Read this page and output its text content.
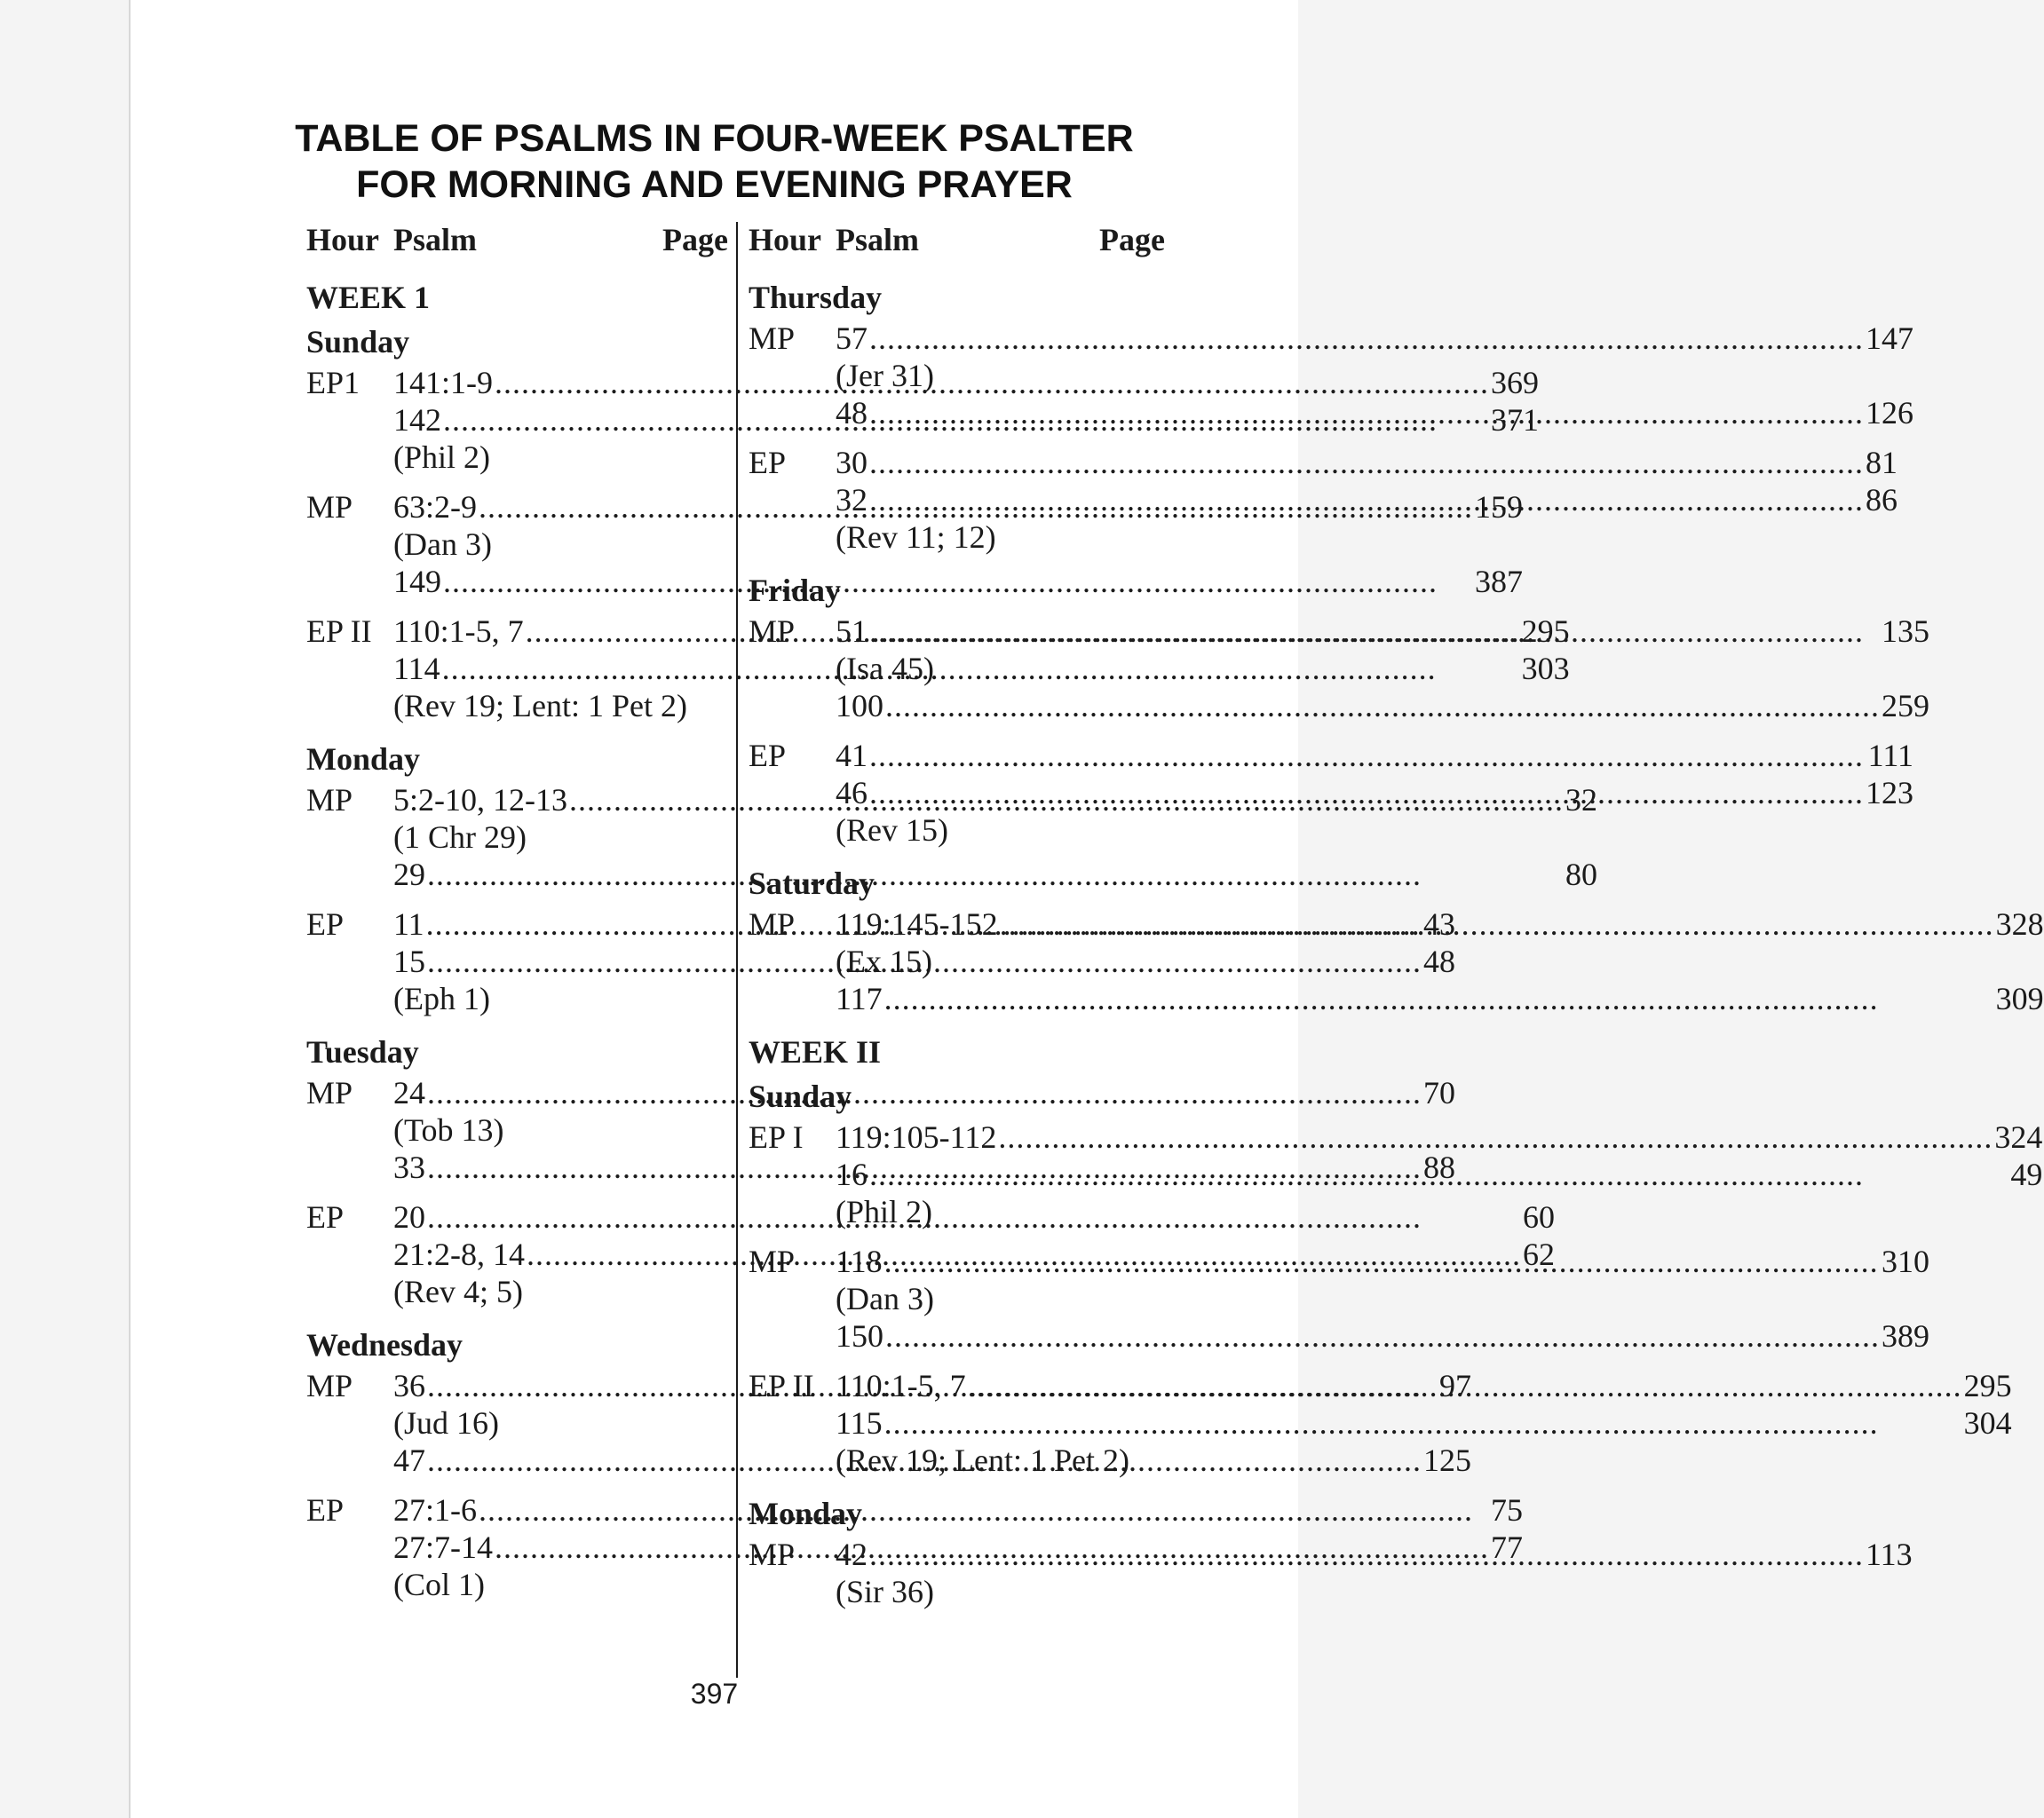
TABLE OF PSALMS IN FOUR-WEEK PSALTER
FOR MORNING AND EVENING PRAYER
Hour Psalm	Page
WEEK 1
Sunday
EP1	141:1-9 .....	369
142 .....	371
(Phil 2)
MP	63:2-9 .....	159
(Dan 3)
149 .....	387
EP II 110:1-5, 7 .....	295
114 .....	303
(Rev 19; Lent: 1 Pet 2)
Monday
MP	5:2-10, 12-13 .....	32
(1 Chr 29)
29 .....	80
EP	11 .....	43
15 .....	48
(Eph 1)
Tuesday
MP	24 .....	70
(Tob 13)
33 .....	88
EP	20 .....	60
21:2-8, 14 .....	62
(Rev 4; 5)
Wednesday
MP	36 .....	97
(Jud 16)
47 .....	125
EP	27:1-6 .....	75
27:7-14 .....	77
(Col 1)
Hour Psalm	Page
Thursday
MP	57 .....	147
(Jer 31)
48 .....	126
EP	30 .....	81
32 .....	86
(Rev 11; 12)
Friday
MP	51 .....	135
(Isa 45)
100 .....	259
EP	41 .....	111
46 .....	123
(Rev 15)
Saturday
MP	119:145-152 .....	328
(Ex 15)
117 .....	309
WEEK II
Sunday
EP I	119:105-112 .....	324
16 .....	49
(Phil 2)
MP	118 .....	310
(Dan 3)
150 .....	389
EP II 110:1-5, 7 .....	295
115 .....	304
(Rev 19; Lent: 1 Pet 2)
Monday
MP	42 .....	113
(Sir 36)
397
